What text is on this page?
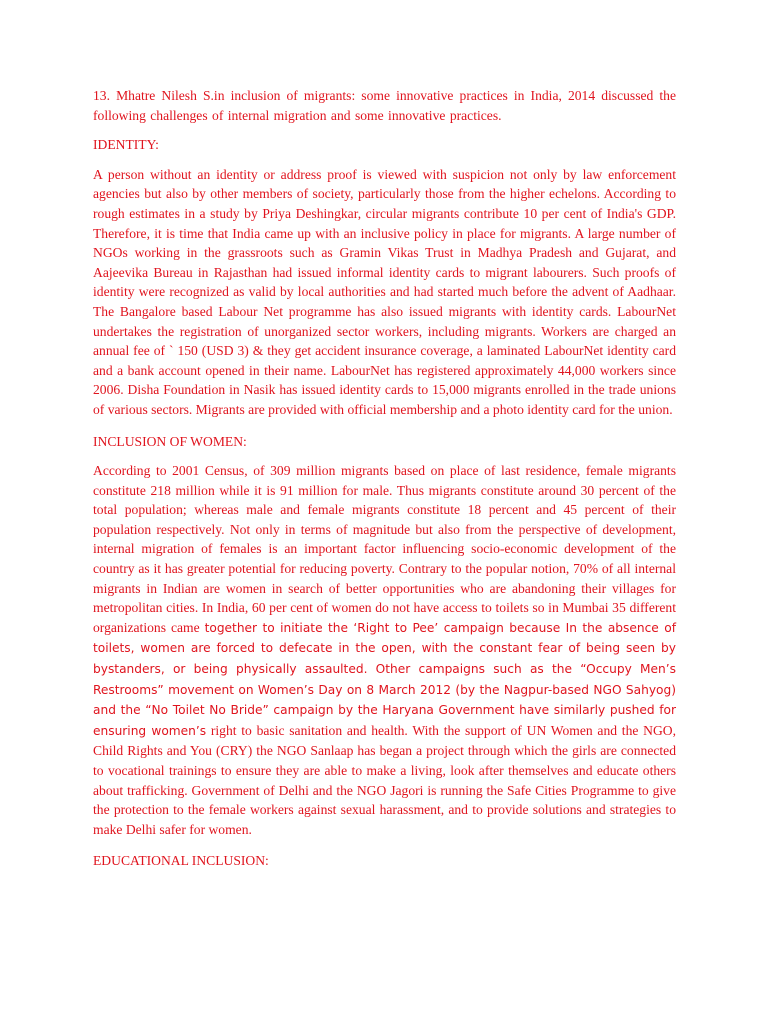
13. Mhatre Nilesh S.in inclusion of migrants: some innovative practices in India, 2014 discussed the following challenges of internal migration and some innovative practices.

IDENTITY:

A person without an identity or address proof is viewed with suspicion not only by law enforcement agencies but also by other members of society, particularly those from the higher echelons. According to rough estimates in a study by Priya Deshingkar, circular migrants contribute 10 per cent of India's GDP. Therefore, it is time that India came up with an inclusive policy in place for migrants. A large number of NGOs working in the grassroots such as Gramin Vikas Trust in Madhya Pradesh and Gujarat, and Aajeevika Bureau in Rajasthan had issued informal identity cards to migrant labourers. Such proofs of identity were recognized as valid by local authorities and had started much before the advent of Aadhaar. The Bangalore based Labour Net programme has also issued migrants with identity cards. LabourNet undertakes the registration of unorganized sector workers, including migrants. Workers are charged an annual fee of ` 150 (USD 3) & they get accident insurance coverage, a laminated LabourNet identity card and a bank account opened in their name. LabourNet has registered approximately 44,000 workers since 2006. Disha Foundation in Nasik has issued identity cards to 15,000 migrants enrolled in the trade unions of various sectors. Migrants are provided with official membership and a photo identity card for the union.

INCLUSION OF WOMEN:

According to 2001 Census, of 309 million migrants based on place of last residence, female migrants constitute 218 million while it is 91 million for male. Thus migrants constitute around 30 percent of the total population; whereas male and female migrants constitute 18 percent and 45 percent of their population respectively. Not only in terms of magnitude but also from the perspective of development, internal migration of females is an important factor influencing socio-economic development of the country as it has greater potential for reducing poverty. Contrary to the popular notion, 70% of all internal migrants in Indian are women in search of better opportunities who are abandoning their villages for metropolitan cities. In India, 60 per cent of women do not have access to toilets so in Mumbai 35 different organizations came together to initiate the ‘Right to Pee’ campaign because In the absence of toilets, women are forced to defecate in the open, with the constant fear of being seen by bystanders, or being physically assaulted. Other campaigns such as the “Occupy Men’s Restrooms” movement on Women’s Day on 8 March 2012 (by the Nagpur-based NGO Sahyog) and the “No Toilet No Bride” campaign by the Haryana Government have similarly pushed for ensuring women’s right to basic sanitation and health. With the support of UN Women and the NGO, Child Rights and You (CRY) the NGO Sanlaap has began a project through which the girls are connected to vocational trainings to ensure they are able to make a living, look after themselves and educate others about trafficking. Government of Delhi and the NGO Jagori is running the Safe Cities Programme to give the protection to the female workers against sexual harassment, and to provide solutions and strategies to make Delhi safer for women.

EDUCATIONAL INCLUSION:
